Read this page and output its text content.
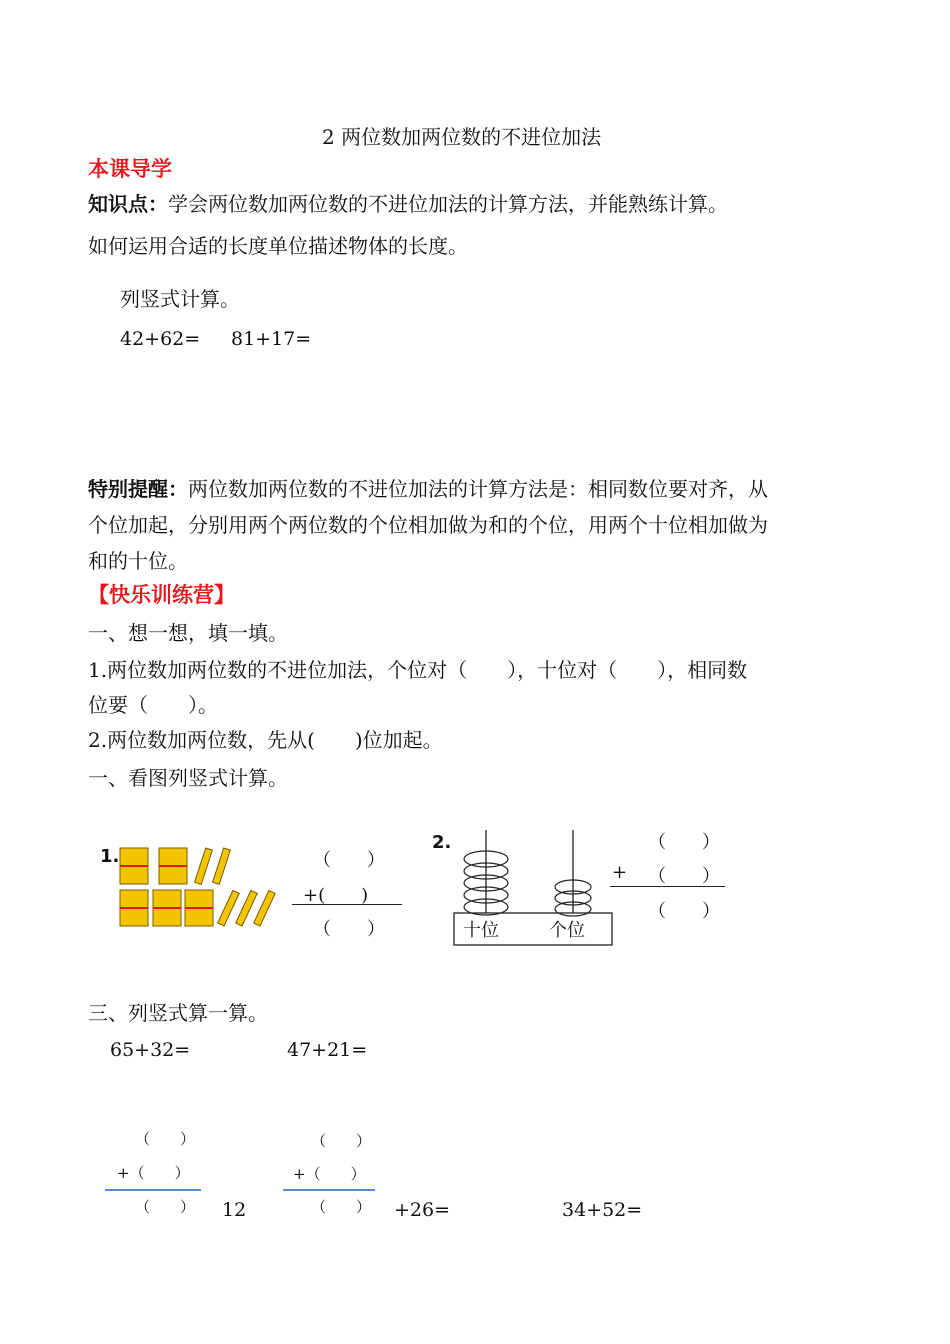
2 两位数加两位数的不进位加法
本课导学
知识点：学会两位数加两位数的不进位加法的计算方法，并能熟练计算。
如何运用合适的长度单位描述物体的长度。
列竖式计算。
42+62= 81+17=
特别提醒：两位数加两位数的不进位加法的计算方法是：相同数位要对齐，从
个位加起，分别用两个两位数的个位相加做为和的个位，用两个十位相加做为
和的十位。
【快乐训练营】
一、想一想，填一填。
1.两位数加两位数的不进位加法，个位对（　　），十位对（　　），相同数
位要（　　）。
2.两位数加两位数，先从(　　)位加起。
一、看图列竖式计算。
1.	（　　）
+(　　)
（　　）
2.
十位	个位
（　　）
+ （　　）
（　　）
三、列竖式算一算。
65+32=	47+21=
（　　）
+（　　）
（　　）
（　　）
+（　　）
（　　）
12	+26=	34+52=
